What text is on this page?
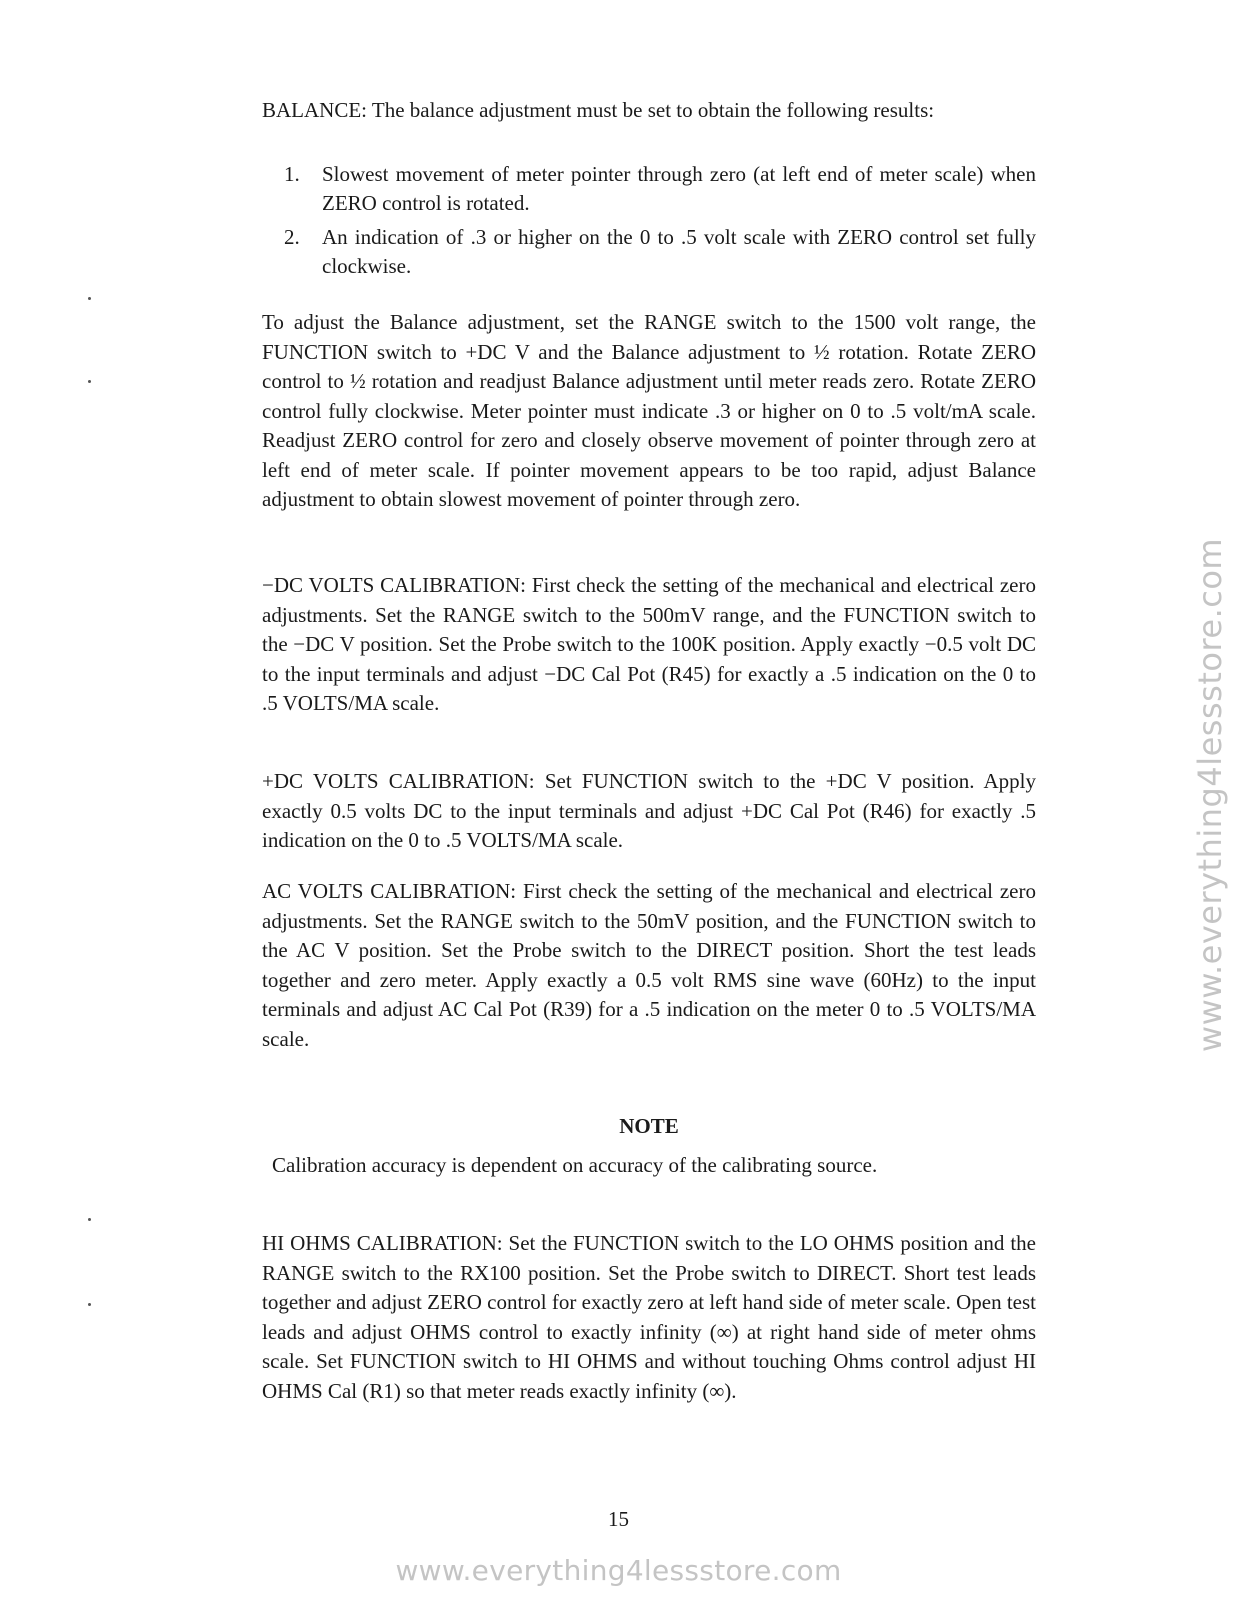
BALANCE: The balance adjustment must be set to obtain the following results:

1.	Slowest movement of meter pointer through zero (at left end of meter scale) when ZERO control is rotated.
2.	An indication of .3 or higher on the 0 to .5 volt scale with ZERO control set fully clockwise.

To adjust the Balance adjustment, set the RANGE switch to the 1500 volt range, the FUNCTION switch to +DC V and the Balance adjustment to ½ rotation. Rotate ZERO control to ½ rotation and readjust Balance adjustment until meter reads zero. Rotate ZERO control fully clockwise. Meter pointer must indicate .3 or higher on 0 to .5 volt/mA scale. Readjust ZERO control for zero and closely observe movement of pointer through zero at left end of meter scale. If pointer movement appears to be too rapid, adjust Balance adjustment to obtain slowest movement of pointer through zero.

−DC VOLTS CALIBRATION: First check the setting of the mechanical and electrical zero adjustments. Set the RANGE switch to the 500mV range, and the FUNCTION switch to the −DC V position. Set the Probe switch to the 100K position. Apply exactly −0.5 volt DC to the input terminals and adjust −DC Cal Pot (R45) for exactly a .5 indication on the 0 to .5 VOLTS/MA scale.

+DC VOLTS CALIBRATION: Set FUNCTION switch to the +DC V position. Apply exactly 0.5 volts DC to the input terminals and adjust +DC Cal Pot (R46) for exactly .5 indication on the 0 to .5 VOLTS/MA scale.

AC VOLTS CALIBRATION: First check the setting of the mechanical and electrical zero adjustments. Set the RANGE switch to the 50mV position, and the FUNCTION switch to the AC V position. Set the Probe switch to the DIRECT position. Short the test leads together and zero meter. Apply exactly a 0.5 volt RMS sine wave (60Hz) to the input terminals and adjust AC Cal Pot (R39) for a .5 indication on the meter 0 to .5 VOLTS/MA scale.

NOTE
Calibration accuracy is dependent on accuracy of the calibrating source.

HI OHMS CALIBRATION: Set the FUNCTION switch to the LO OHMS position and the RANGE switch to the RX100 position. Set the Probe switch to DIRECT. Short test leads together and adjust ZERO control for exactly zero at left hand side of meter scale. Open test leads and adjust OHMS control to exactly infinity (∞) at right hand side of meter ohms scale. Set FUNCTION switch to HI OHMS and without touching Ohms control adjust HI OHMS Cal (R1) so that meter reads exactly infinity (∞).

15
www.everything4lessstore.com
www.everything4lessstore.com
